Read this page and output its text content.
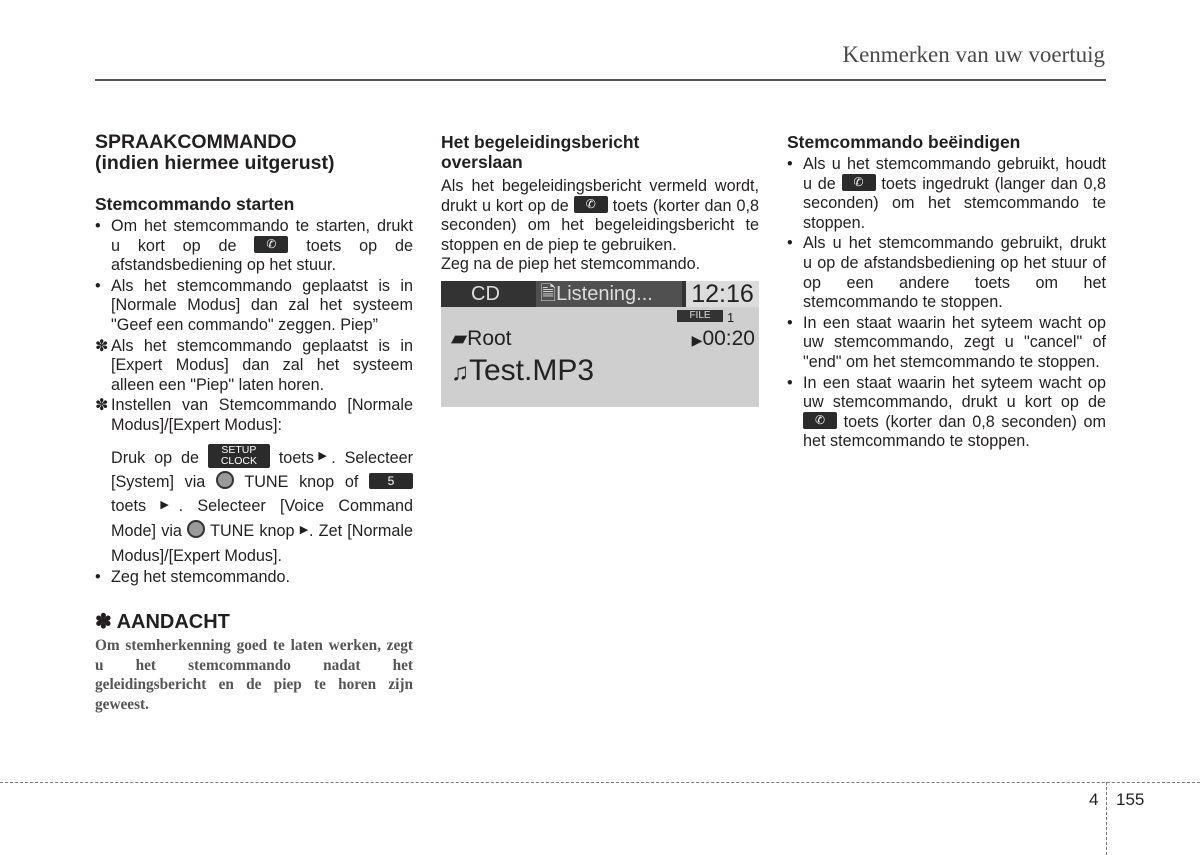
Kenmerken van uw voertuig
SPRAAKCOMMANDO
(indien hiermee uitgerust)
Stemcommando starten
• Om het stemcommando te starten, drukt u kort op de ✆ toets op de afstandsbediening op het stuur.
• Als het stemcommando geplaatst is in [Normale Modus] dan zal het systeem "Geef een commando" zeggen. Piep”
✽ Als het stemcommando geplaatst is in [Expert Modus] dan zal het systeem alleen een "Piep" laten horen.
✽ Instellen van Stemcommando [Normale Modus]/[Expert Modus]:
Druk op de SETUP
CLOCK toets▶. Selecteer [System] via TUNE knop of 5 toets ▶. Selecteer [Voice Command Mode] via TUNE knop ▶. Zet [Normale Modus]/[Expert Modus].
• Zeg het stemcommando.
✽ AANDACHT

Om stemherkenning goed te laten werken, zegt u het stemcommando nadat het geleidingsbericht en de piep te horen zijn geweest.

Het begeleidingsbericht
overslaan

Als het begeleidingsbericht vermeld wordt, drukt u kort op de ✆ toets (korter dan 0,8 seconden) om het begeleidingsbericht te stoppen en de piep te gebruiken.

Zeg na de piep het stemcommando.

CD	🗎Listening...	12:16
FILE	1
▰Root	▶00:20
♫Test.MP3
Stemcommando beëindigen
• Als u het stemcommando gebruikt, houdt u de ✆ toets ingedrukt (langer dan 0,8 seconden) om het stemcommando te stoppen.
• Als u het stemcommando gebruikt, drukt u op de afstandsbediening op het stuur of op een andere toets om het stemcommando te stoppen.
• In een staat waarin het syteem wacht op uw stemcommando, zegt u "cancel" of "end" om het stemcommando te stoppen.
• In een staat waarin het syteem wacht op uw stemcommando, drukt u kort op de ✆ toets (korter dan 0,8 seconden) om het stemcommando te stoppen.
4 155
